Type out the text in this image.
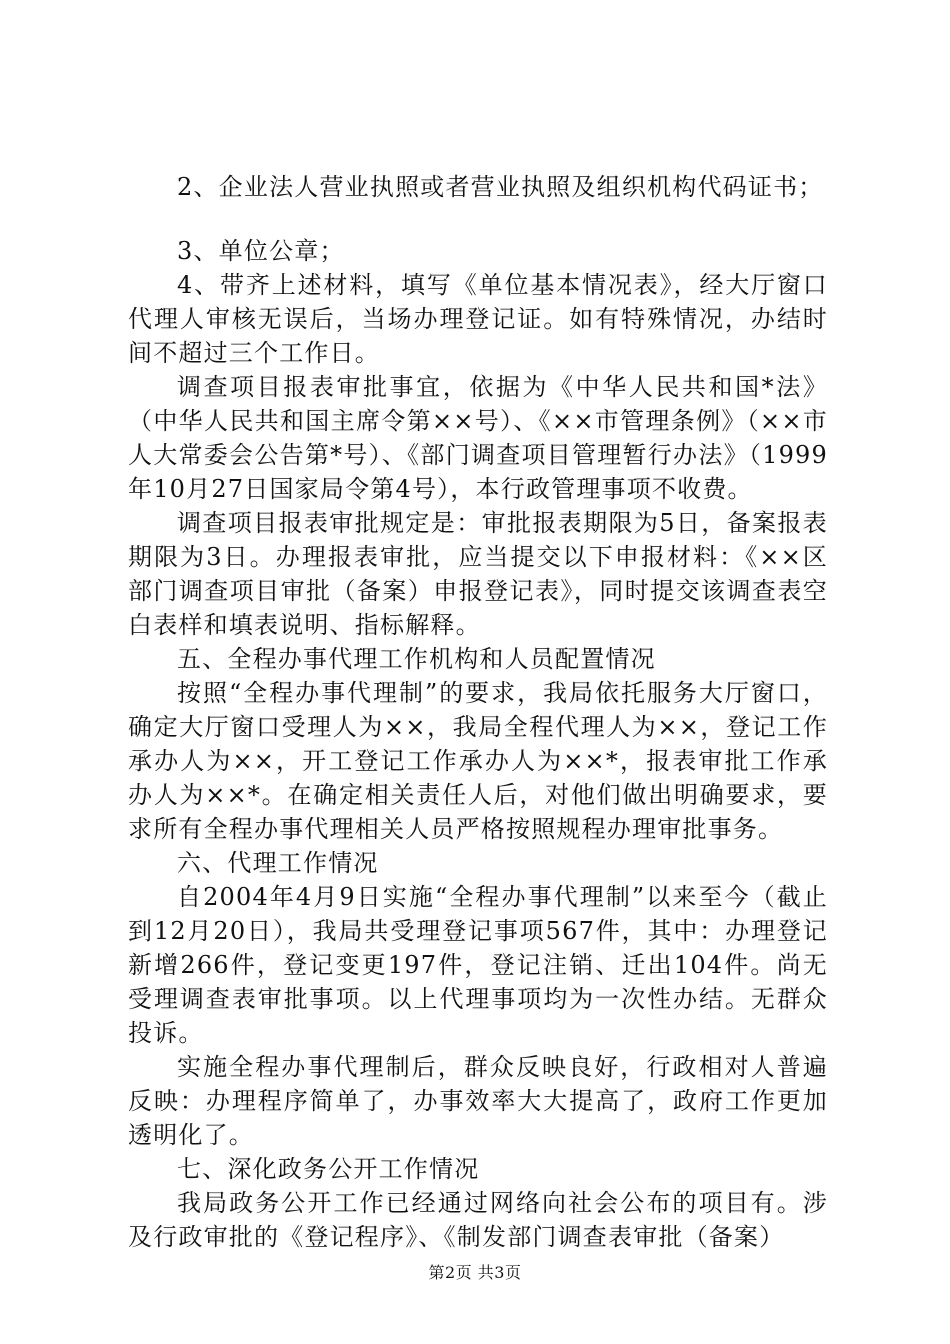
2、企业法人营业执照或者营业执照及组织机构代码证书；

3、单位公章；

4、带齐上述材料，填写《单位基本情况表》，经大厅窗口代理人审核无误后，当场办理登记证。如有特殊情况，办结时间不超过三个工作日。

调查项目报表审批事宜，依据为《中华人民共和国*法》（中华人民共和国主席令第××号）、《××市管理条例》（××市人大常委会公告第*号）、《部门调查项目管理暂行办法》（1999年10月27日国家局令第4号），本行政管理事项不收费。

调查项目报表审批规定是：审批报表期限为5日，备案报表期限为3日。办理报表审批，应当提交以下申报材料：《××区部门调查项目审批（备案）申报登记表》，同时提交该调查表空白表样和填表说明、指标解释。

五、全程办事代理工作机构和人员配置情况

按照“全程办事代理制”的要求，我局依托服务大厅窗口，确定大厅窗口受理人为××，我局全程代理人为××，登记工作承办人为××，开工登记工作承办人为××*，报表审批工作承办人为××*。在确定相关责任人后，对他们做出明确要求，要求所有全程办事代理相关人员严格按照规程办理审批事务。

六、代理工作情况

自2004年4月9日实施“全程办事代理制”以来至今（截止到12月20日），我局共受理登记事项567件，其中：办理登记新增266件，登记变更197件，登记注销、迁出104件。尚无受理调查表审批事项。以上代理事项均为一次性办结。无群众投诉。

实施全程办事代理制后，群众反映良好，行政相对人普遍反映：办理程序简单了，办事效率大大提高了，政府工作更加透明化了。

七、深化政务公开工作情况

我局政务公开工作已经通过网络向社会公布的项目有。涉及行政审批的《登记程序》、《制发部门调查表审批（备案）

第2页 共3页
